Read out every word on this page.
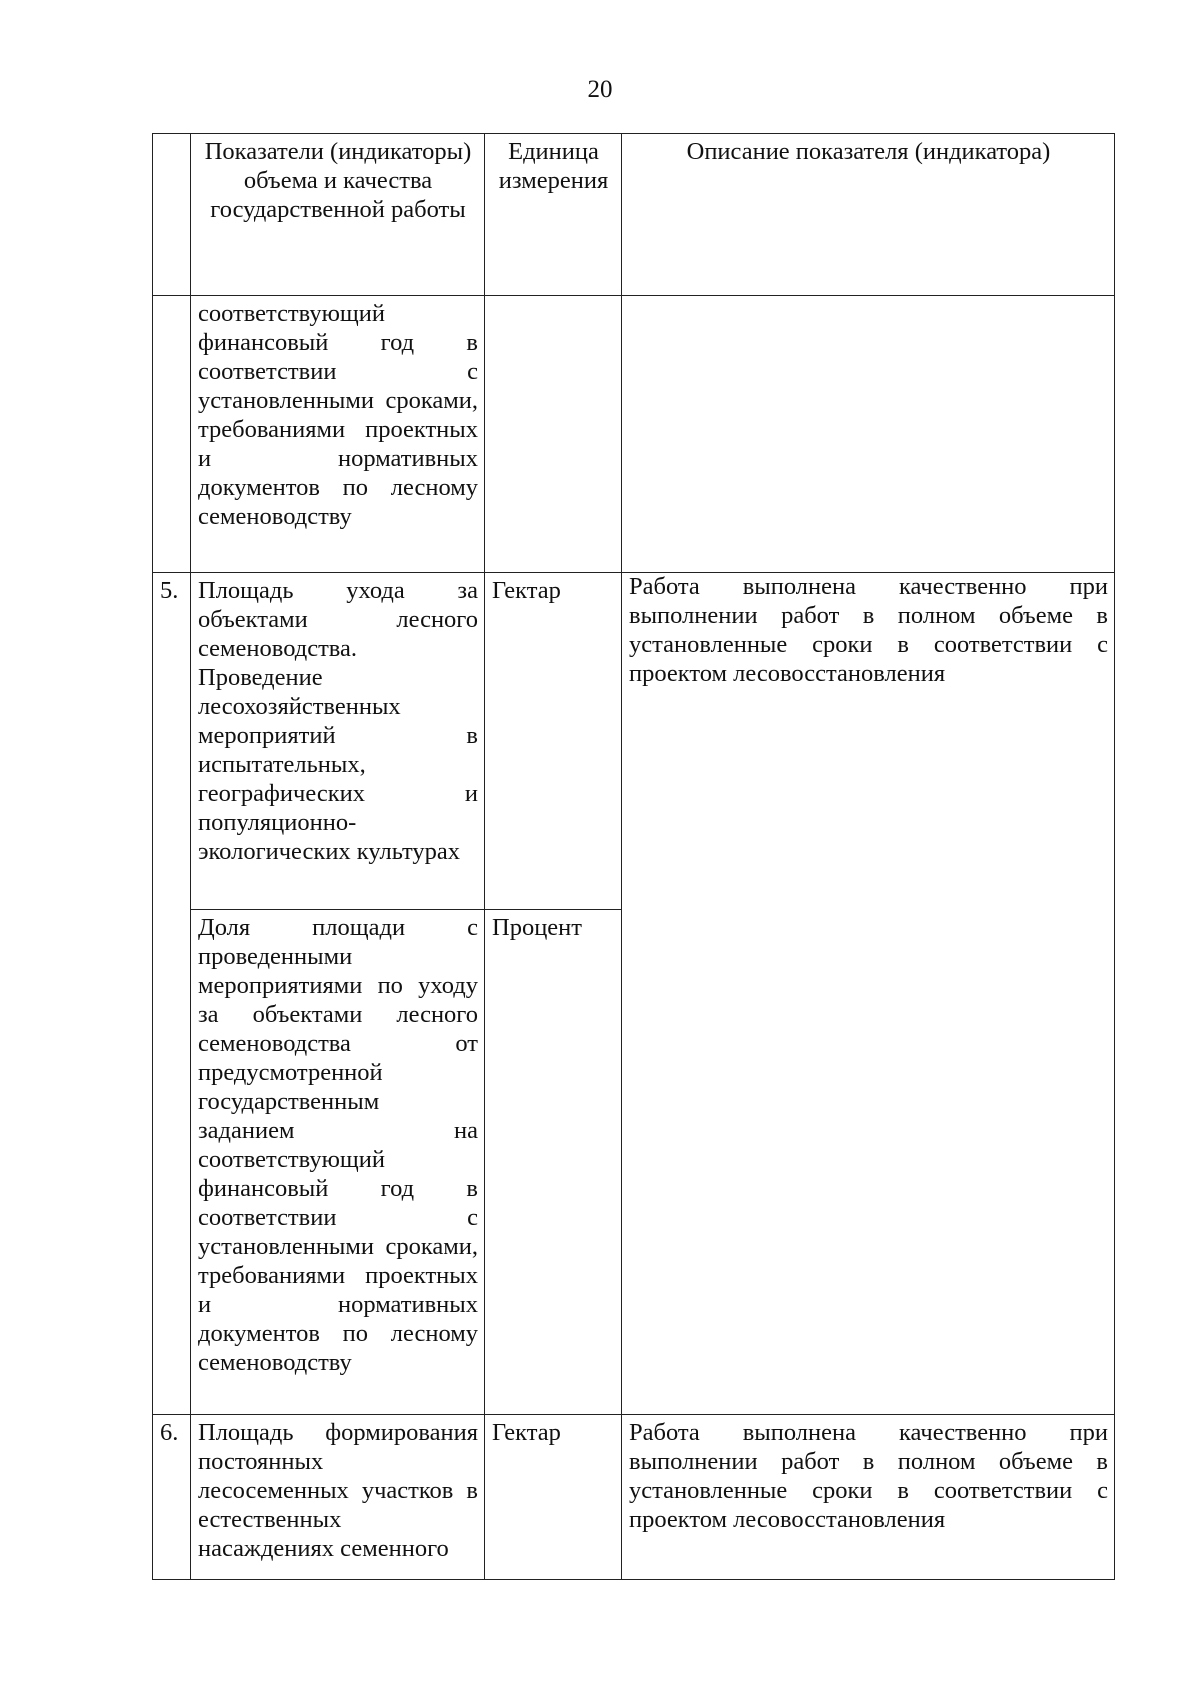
20
	Показатели (индикаторы) объема и качества государственной работы	Единица измерения	Описание показателя (индикатора)
	соответствующий финансовый год в соответствии с установленными сроками, требованиями проектных и нормативных документов по лесному семеноводству		
5.	Площадь ухода за объектами лесного семеноводства. Проведение лесохозяйственных мероприятий в испытательных, географических и популяционно-экологических культурах	Гектар	Работа выполнена качественно при выполнении работ в полном объеме в установленные сроки в соответствии с проектом лесовосстановления

	Доля площади с проведенными мероприятиями по уходу за объектами лесного семеноводства от предусмотренной государственным заданием на соответствующий финансовый год в соответствии с установленными сроками, требованиями проектных и нормативных документов по лесному семеноводству	Процент	
6.	Площадь формирования постоянных лесосеменных участков в естественных насаждениях семенного	Гектар	Работа выполнена качественно при выполнении работ в полном объеме в установленные сроки в соответствии с проектом лесовосстановления
